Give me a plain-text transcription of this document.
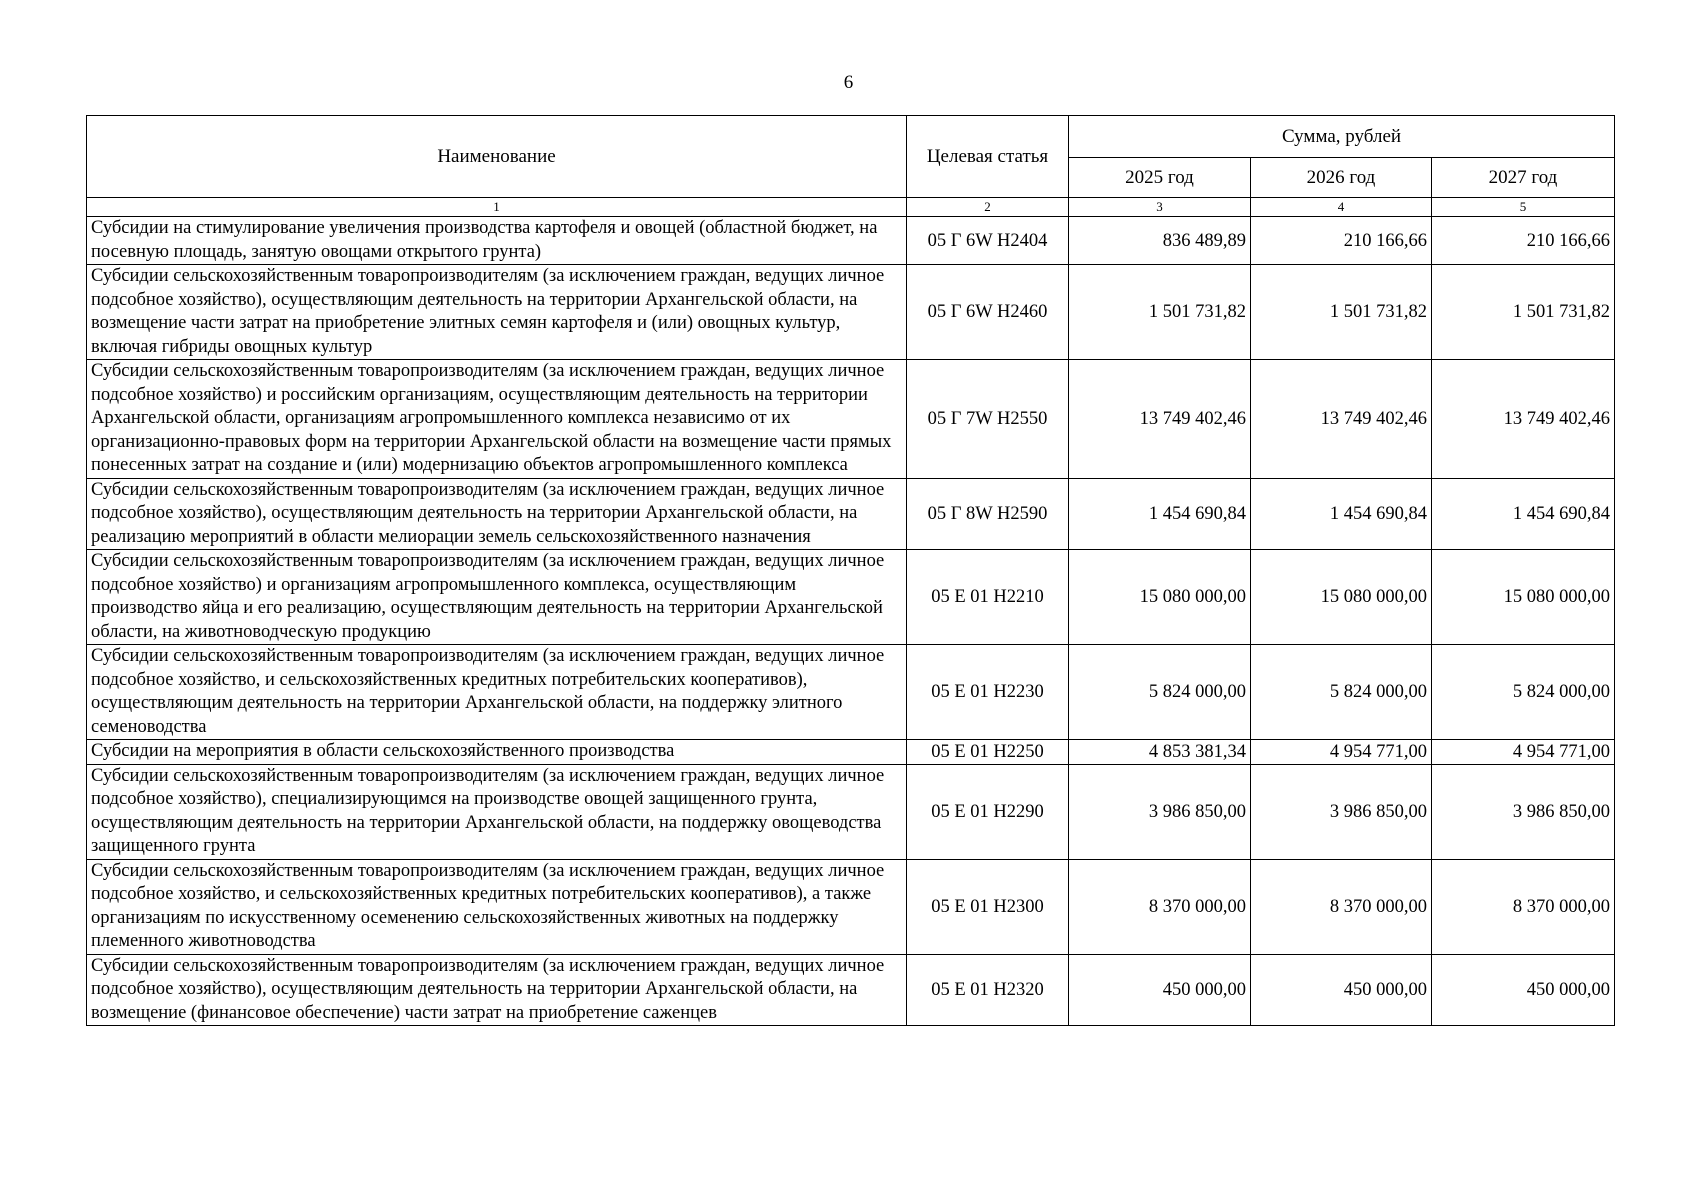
6
Наименование	Целевая статья	Сумма, рублей		
		2025 год	2026 год	2027 год
1	2	3	4	5
Субсидии на стимулирование увеличения производства картофеля и овощей (областной бюджет, на посевную площадь, занятую овощами открытого грунта)	05 Г 6W H2404	836 489,89	210 166,66	210 166,66
Субсидии сельскохозяйственным товаропроизводителям (за исключением граждан, ведущих личное подсобное хозяйство), осуществляющим деятельность на территории Архангельской области, на возмещение части затрат на приобретение элитных семян картофеля и (или) овощных культур, включая гибриды овощных культур	05 Г 6W H2460	1 501 731,82	1 501 731,82	1 501 731,82
Субсидии сельскохозяйственным товаропроизводителям (за исключением граждан, ведущих личное подсобное хозяйство) и российским организациям, осуществляющим деятельность на территории Архангельской области, организациям агропромышленного комплекса независимо от их организационно-правовых форм на территории Архангельской области на возмещение части прямых понесенных затрат на создание и (или) модернизацию объектов агропромышленного комплекса	05 Г 7W H2550	13 749 402,46	13 749 402,46	13 749 402,46
Субсидии сельскохозяйственным товаропроизводителям (за исключением граждан, ведущих личное подсобное хозяйство), осуществляющим деятельность на территории Архангельской области, на реализацию мероприятий в области мелиорации земель сельскохозяйственного назначения	05 Г 8W H2590	1 454 690,84	1 454 690,84	1 454 690,84
Субсидии сельскохозяйственным товаропроизводителям (за исключением граждан, ведущих личное подсобное хозяйство) и организациям агропромышленного комплекса, осуществляющим производство яйца и его реализацию, осуществляющим деятельность на территории Архангельской области, на животноводческую продукцию	05 Е 01 H2210	15 080 000,00	15 080 000,00	15 080 000,00
Субсидии сельскохозяйственным товаропроизводителям (за исключением граждан, ведущих личное подсобное хозяйство, и сельскохозяйственных кредитных потребительских кооперативов), осуществляющим деятельность на территории Архангельской области, на поддержку элитного семеноводства	05 Е 01 H2230	5 824 000,00	5 824 000,00	5 824 000,00
Субсидии на мероприятия в области сельскохозяйственного производства	05 Е 01 H2250	4 853 381,34	4 954 771,00	4 954 771,00
Субсидии сельскохозяйственным товаропроизводителям (за исключением граждан, ведущих личное подсобное хозяйство), специализирующимся на производстве овощей защищенного грунта, осуществляющим деятельность на территории Архангельской области, на поддержку овощеводства защищенного грунта	05 Е 01 H2290	3 986 850,00	3 986 850,00	3 986 850,00
Субсидии сельскохозяйственным товаропроизводителям (за исключением граждан, ведущих личное подсобное хозяйство, и сельскохозяйственных кредитных потребительских кооперативов), а также организациям по искусственному осеменению сельскохозяйственных животных на поддержку племенного животноводства	05 Е 01 H2300	8 370 000,00	8 370 000,00	8 370 000,00
Субсидии сельскохозяйственным товаропроизводителям (за исключением граждан, ведущих личное подсобное хозяйство), осуществляющим деятельность на территории Архангельской области, на возмещение (финансовое обеспечение) части затрат на приобретение саженцев	05 Е 01 H2320	450 000,00	450 000,00	450 000,00
